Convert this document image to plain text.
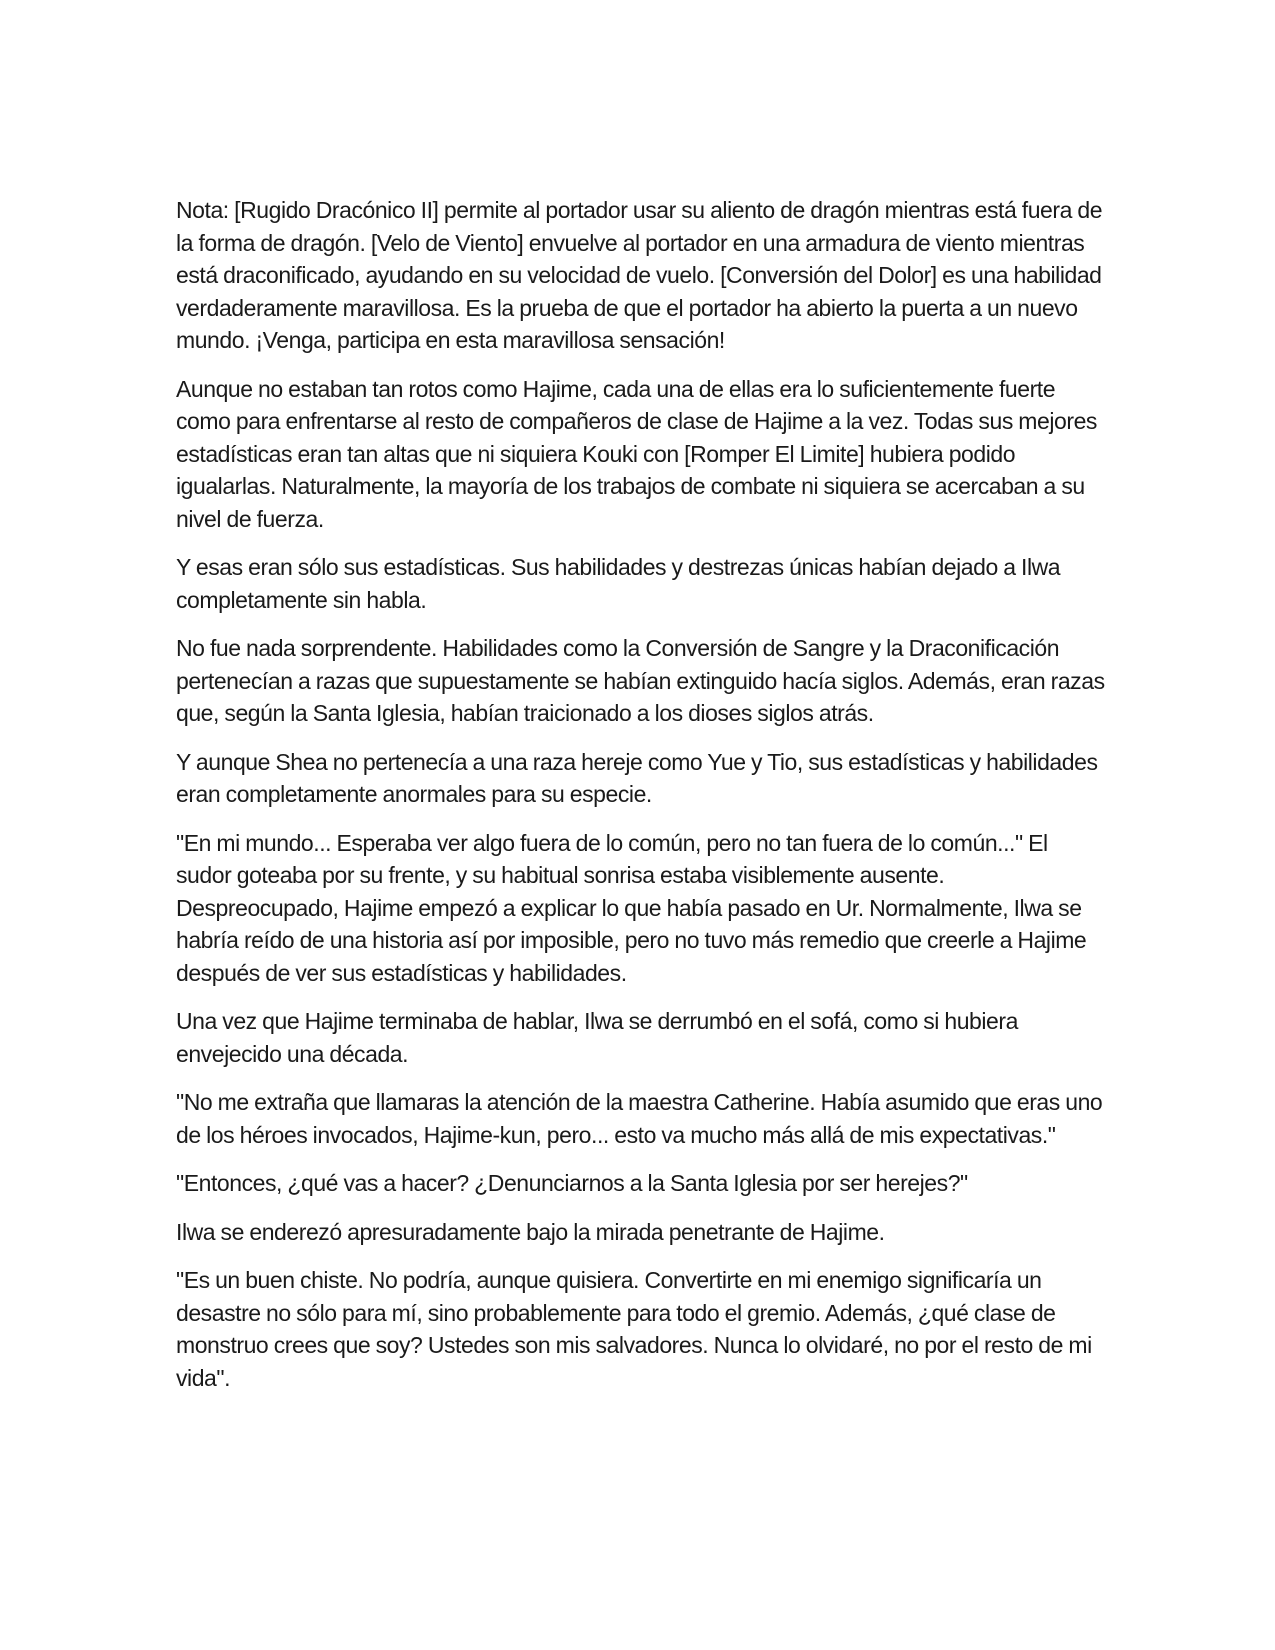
Nota: [Rugido Dracónico II] permite al portador usar su aliento de dragón mientras está fuera de la forma de dragón. [Velo de Viento] envuelve al portador en una armadura de viento mientras está draconificado, ayudando en su velocidad de vuelo. [Conversión del Dolor] es una habilidad verdaderamente maravillosa. Es la prueba de que el portador ha abierto la puerta a un nuevo mundo. ¡Venga, participa en esta maravillosa sensación!

Aunque no estaban tan rotos como Hajime, cada una de ellas era lo suficientemente fuerte como para enfrentarse al resto de compañeros de clase de Hajime a la vez. Todas sus mejores estadísticas eran tan altas que ni siquiera Kouki con [Romper El Limite] hubiera podido igualarlas. Naturalmente, la mayoría de los trabajos de combate ni siquiera se acercaban a su nivel de fuerza.

Y esas eran sólo sus estadísticas. Sus habilidades y destrezas únicas habían dejado a Ilwa completamente sin habla.

No fue nada sorprendente. Habilidades como la Conversión de Sangre y la Draconificación pertenecían a razas que supuestamente se habían extinguido hacía siglos. Además, eran razas que, según la Santa Iglesia, habían traicionado a los dioses siglos atrás.

Y aunque Shea no pertenecía a una raza hereje como Yue y Tio, sus estadísticas y habilidades eran completamente anormales para su especie.

"En mi mundo... Esperaba ver algo fuera de lo común, pero no tan fuera de lo común..." El sudor goteaba por su frente, y su habitual sonrisa estaba visiblemente ausente. Despreocupado, Hajime empezó a explicar lo que había pasado en Ur. Normalmente, Ilwa se habría reído de una historia así por imposible, pero no tuvo más remedio que creerle a Hajime después de ver sus estadísticas y habilidades.

Una vez que Hajime terminaba de hablar, Ilwa se derrumbó en el sofá, como si hubiera envejecido una década.

"No me extraña que llamaras la atención de la maestra Catherine. Había asumido que eras uno de los héroes invocados, Hajime-kun, pero... esto va mucho más allá de mis expectativas."

"Entonces, ¿qué vas a hacer? ¿Denunciarnos a la Santa Iglesia por ser herejes?"

Ilwa se enderezó apresuradamente bajo la mirada penetrante de Hajime.

"Es un buen chiste. No podría, aunque quisiera. Convertirte en mi enemigo significaría un desastre no sólo para mí, sino probablemente para todo el gremio. Además, ¿qué clase de monstruo crees que soy? Ustedes son mis salvadores. Nunca lo olvidaré, no por el resto de mi vida".
